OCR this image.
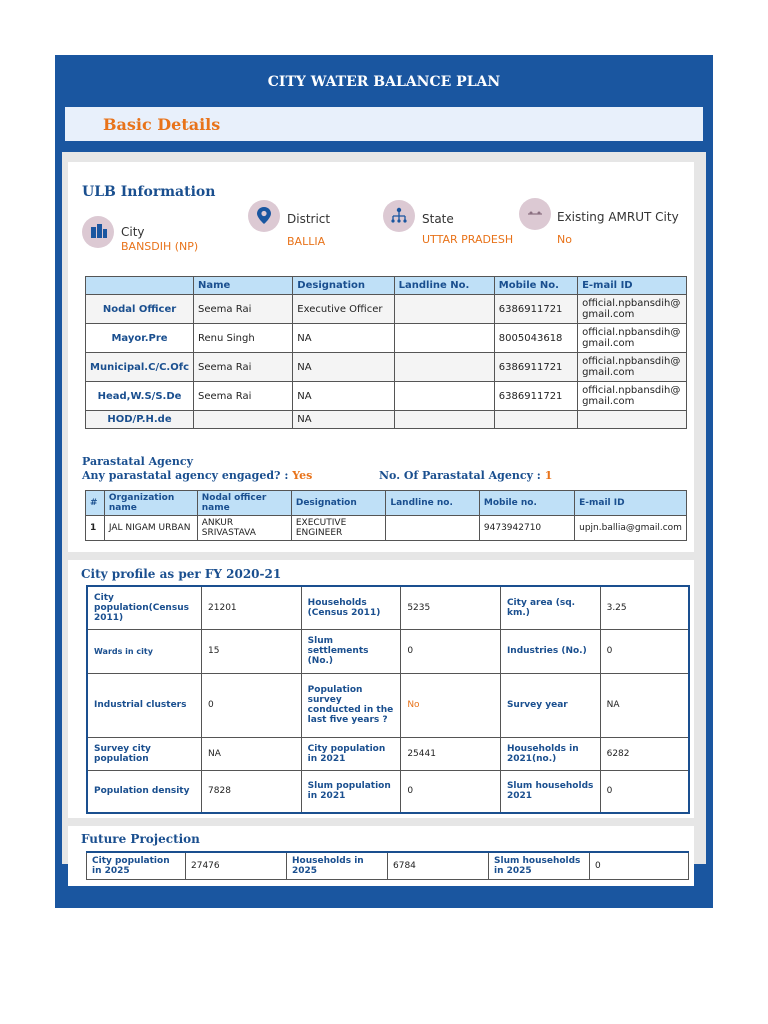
CITY WATER BALANCE PLAN
Basic Details
ULB Information
City
BANSDIH (NP)
District
BALLIA
State
UTTAR PRADESH
Existing AMRUT City
No
	Name	Designation	Landline No.	Mobile No.	E-mail ID
Nodal Officer	Seema Rai	Executive Officer		6386911721	official.npbansdih@ gmail.com
Mayor.Pre	Renu Singh	NA		8005043618	official.npbansdih@ gmail.com
Municipal.C/C.Ofc	Seema Rai	NA		6386911721	official.npbansdih@ gmail.com
Head,W.S/S.De	Seema Rai	NA		6386911721	official.npbansdih@ gmail.com
HOD/P.H.de		NA			
Parastatal Agency
Any parastatal agency engaged? : Yes	No. Of Parastatal Agency : 1
#	Organization name	Nodal officer name	Designation	Landline no.	Mobile no.	E-mail ID
1	JAL NIGAM URBAN	ANKUR SRIVASTAVA	EXECUTIVE ENGINEER		9473942710	upjn.ballia@gmail.com
City profile as per FY 2020-21
City population(Census 2011)	21201	Households (Census 2011)	5235	City area (sq. km.)	3.25
Wards in city	15	Slum settlements (No.)	0	Industries (No.)	0
Industrial clusters	0	Population survey conducted in the last five years ?	No	Survey year	NA
Survey city population	NA	City population in 2021	25441	Households in 2021(no.)	6282
Population density	7828	Slum population in 2021	0	Slum households 2021	0
Future Projection
City population in 2025	27476	Households in 2025	6784	Slum households in 2025	0
